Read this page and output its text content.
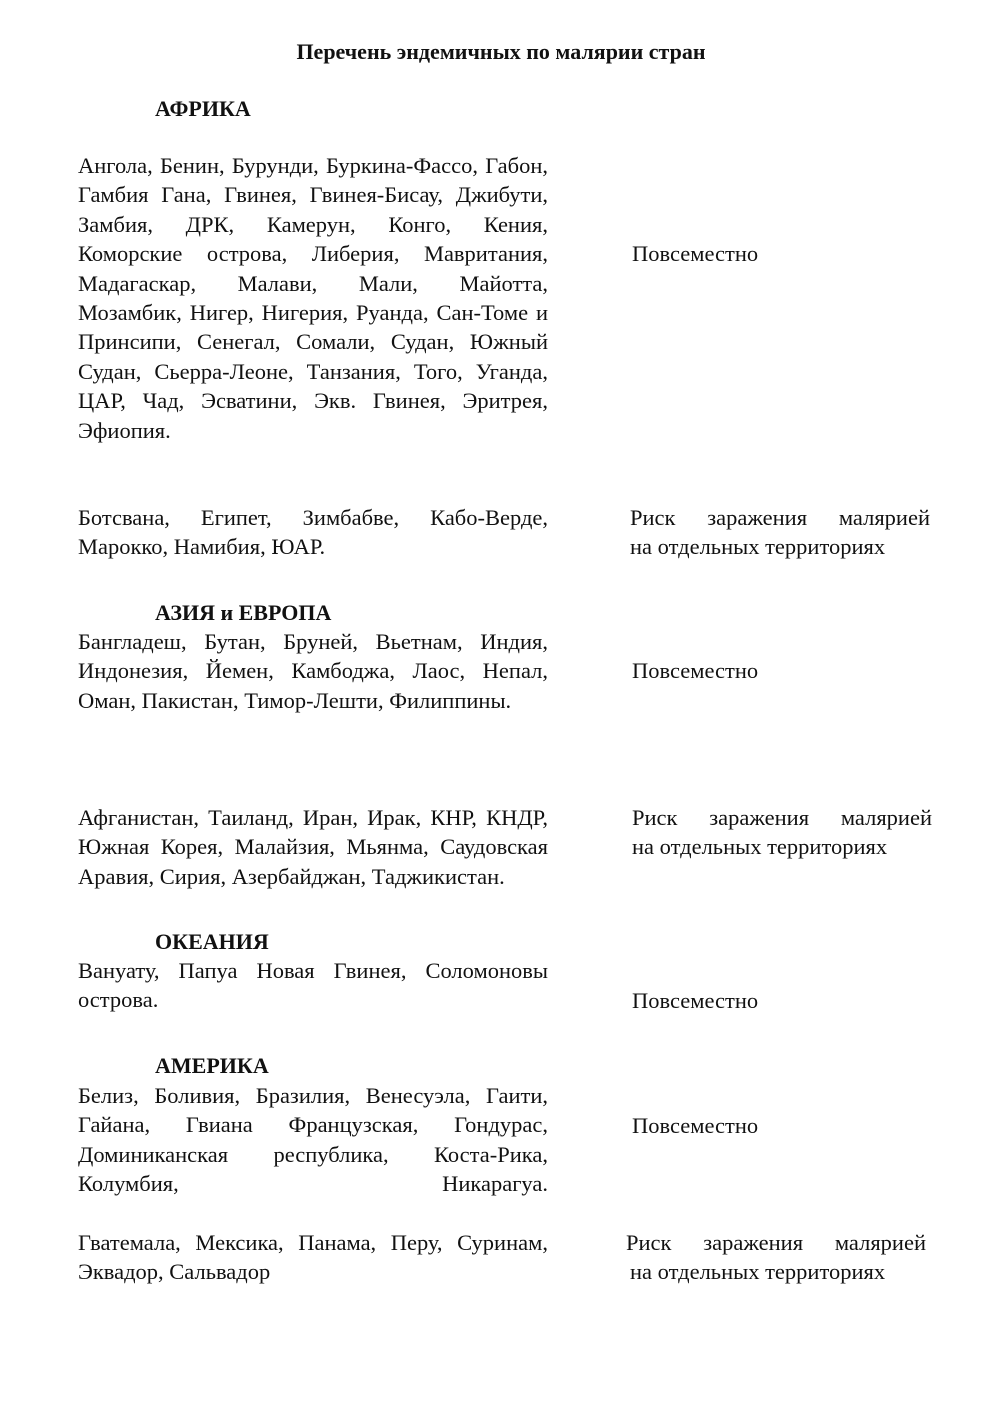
Перечень эндемичных по малярии стран
АФРИКА
Ангола, Бенин, Бурунди, Буркина-Фассо, Габон, Гамбия Гана, Гвинея, Гвинея-Бисау, Джибути, Замбия, ДРК, Камерун, Конго, Кения, Коморские острова, Либерия, Мавритания, Мадагаскар, Малави, Мали, Майотта, Мозамбик, Нигер, Нигерия, Руанда, Сан-Томе и Принсипи, Сенегал, Сомали, Судан, Южный Судан, Сьерра-Леоне, Танзания, Того, Уганда, ЦАР, Чад, Эсватини, Экв. Гвинея, Эритрея, Эфиопия.
Повсеместно
Ботсвана, Египет, Зимбабве, Кабо-Верде, Марокко, Намибия, ЮАР.
Риск заражения малярией
на отдельных территориях
АЗИЯ и ЕВРОПА
Бангладеш, Бутан, Бруней, Вьетнам, Индия, Индонезия, Йемен, Камбоджа, Лаос, Непал, Оман, Пакистан, Тимор-Лешти, Филиппины.
Повсеместно
Афганистан, Таиланд, Иран, Ирак, КНР, КНДР, Южная Корея, Малайзия, Мьянма, Саудовская Аравия, Сирия, Азербайджан, Таджикистан.
Риск заражения малярией
на отдельных территориях
ОКЕАНИЯ
Вануату, Папуа Новая Гвинея, Соломоновы острова.	Повсеместно
АМЕРИКА
Белиз, Боливия, Бразилия, Венесуэла, Гаити, Гайана, Гвиана Французская, Гондурас, Доминиканская республика, Коста-Рика, Колумбия, Никарагуа.
Повсеместно
Гватемала, Мексика, Панама, Перу, Суринам, Эквадор, Сальвадор
Риск заражения малярией
на отдельных территориях
